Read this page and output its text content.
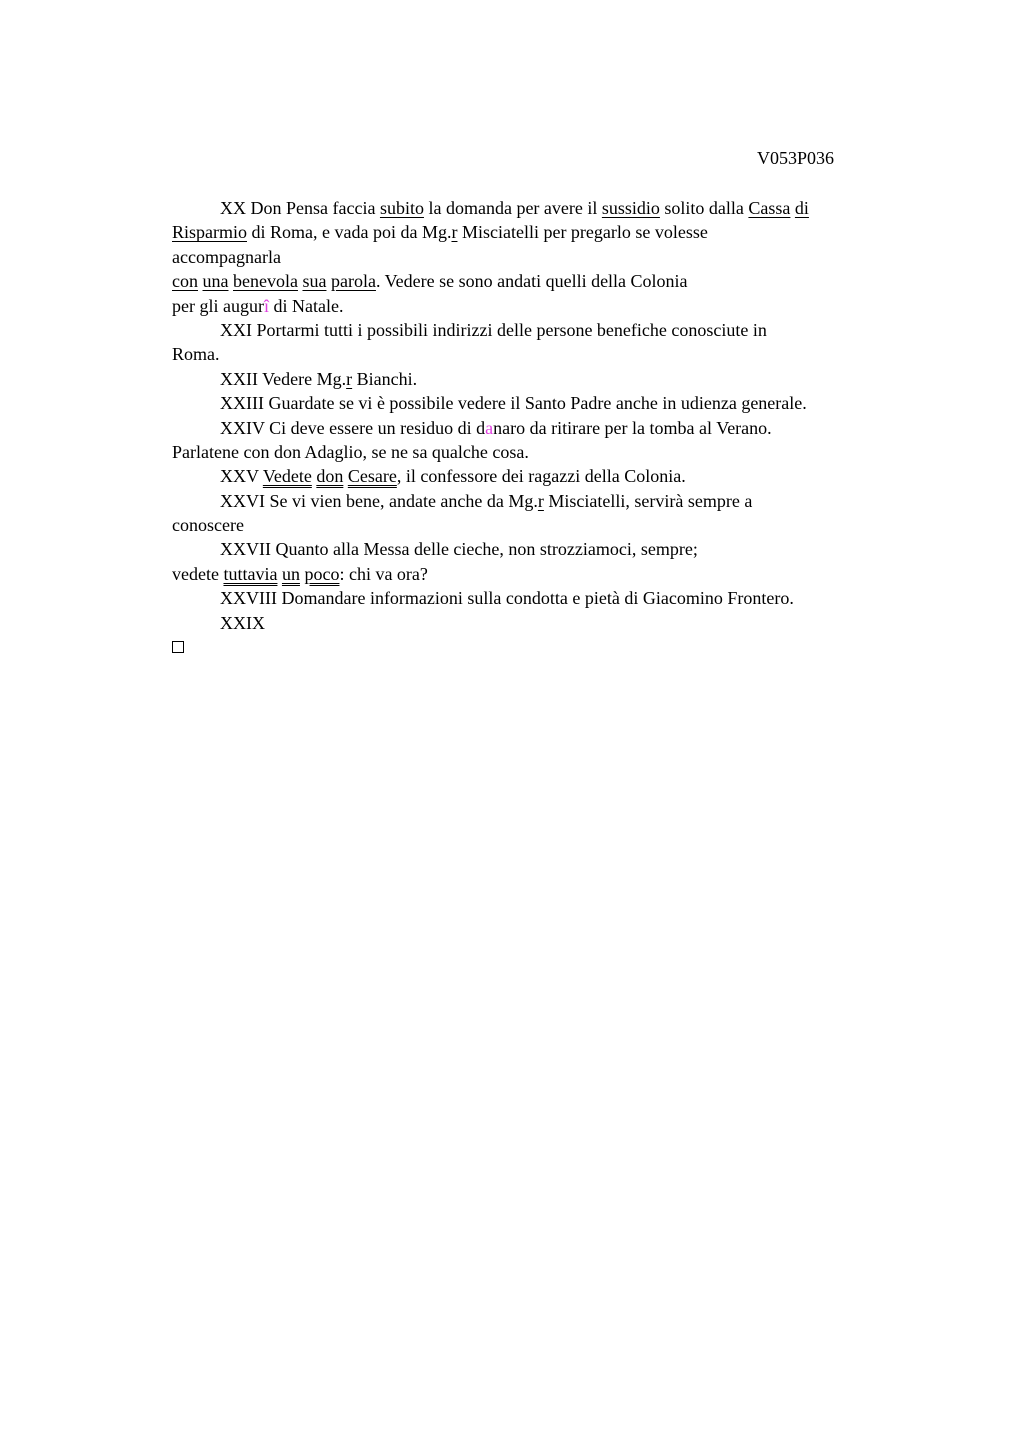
V053P036
XX Don Pensa faccia subito la domanda per avere il sussidio solito dalla Cassa di
Risparmio di Roma, e vada poi da Mg.r Misciatelli per pregarlo se volesse
accompagnarla
con una benevola sua parola. Vedere se sono andati quelli della Colonia
per gli augurî di Natale.
XXI Portarmi tutti i possibili indirizzi delle persone benefiche conosciute in
Roma.
XXII Vedere Mg.r Bianchi.
XXIII Guardate se vi è possibile vedere il Santo Padre anche in udienza generale.
XXIV Ci deve essere un residuo di danaro da ritirare per la tomba al Verano.
Parlatene con don Adaglio, se ne sa qualche cosa.
XXV Vedete don Cesare, il confessore dei ragazzi della Colonia.
XXVI Se vi vien bene, andate anche da Mg.r Misciatelli, servirà sempre a
conoscere
XXVII Quanto alla Messa delle cieche, non strozziamoci, sempre;
vedete tuttavia un poco: chi va ora?
XXVIII Domandare informazioni sulla condotta e pietà di Giacomino Frontero.
XXIX
